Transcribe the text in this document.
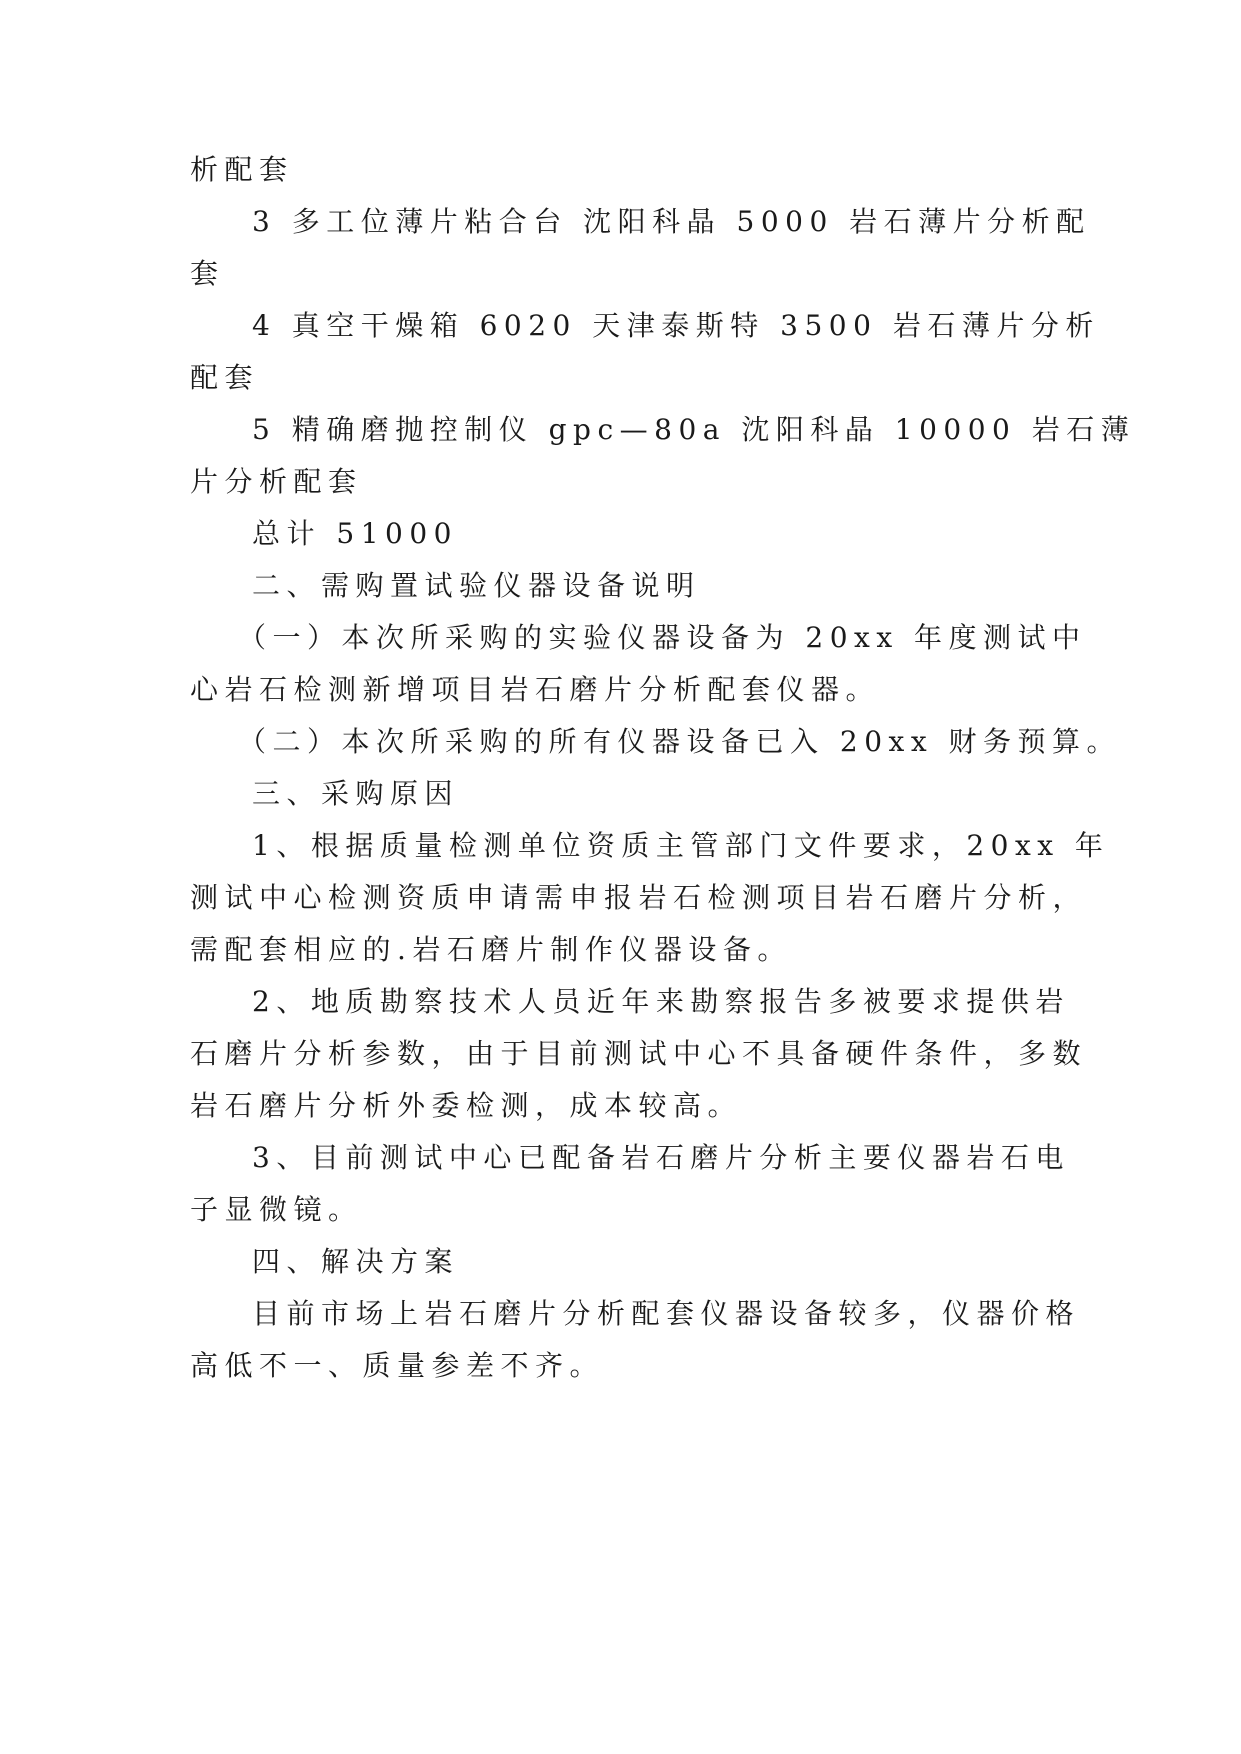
析配套
3 多工位薄片粘合台 沈阳科晶 5000 岩石薄片分析配
套
4 真空干燥箱 6020 天津泰斯特 3500 岩石薄片分析
配套
5 精确磨抛控制仪 gpc—80a 沈阳科晶 10000 岩石薄
片分析配套
总计 51000
二、需购置试验仪器设备说明
（一）本次所采购的实验仪器设备为 20xx 年度测试中
心岩石检测新增项目岩石磨片分析配套仪器。
（二）本次所采购的所有仪器设备已入 20xx 财务预算。
三、采购原因
1、根据质量检测单位资质主管部门文件要求，20xx 年
测试中心检测资质申请需申报岩石检测项目岩石磨片分析，
需配套相应的.岩石磨片制作仪器设备。
2、地质勘察技术人员近年来勘察报告多被要求提供岩
石磨片分析参数，由于目前测试中心不具备硬件条件，多数
岩石磨片分析外委检测，成本较高。
3、目前测试中心已配备岩石磨片分析主要仪器岩石电
子显微镜。
四、解决方案
目前市场上岩石磨片分析配套仪器设备较多，仪器价格
高低不一、质量参差不齐。
